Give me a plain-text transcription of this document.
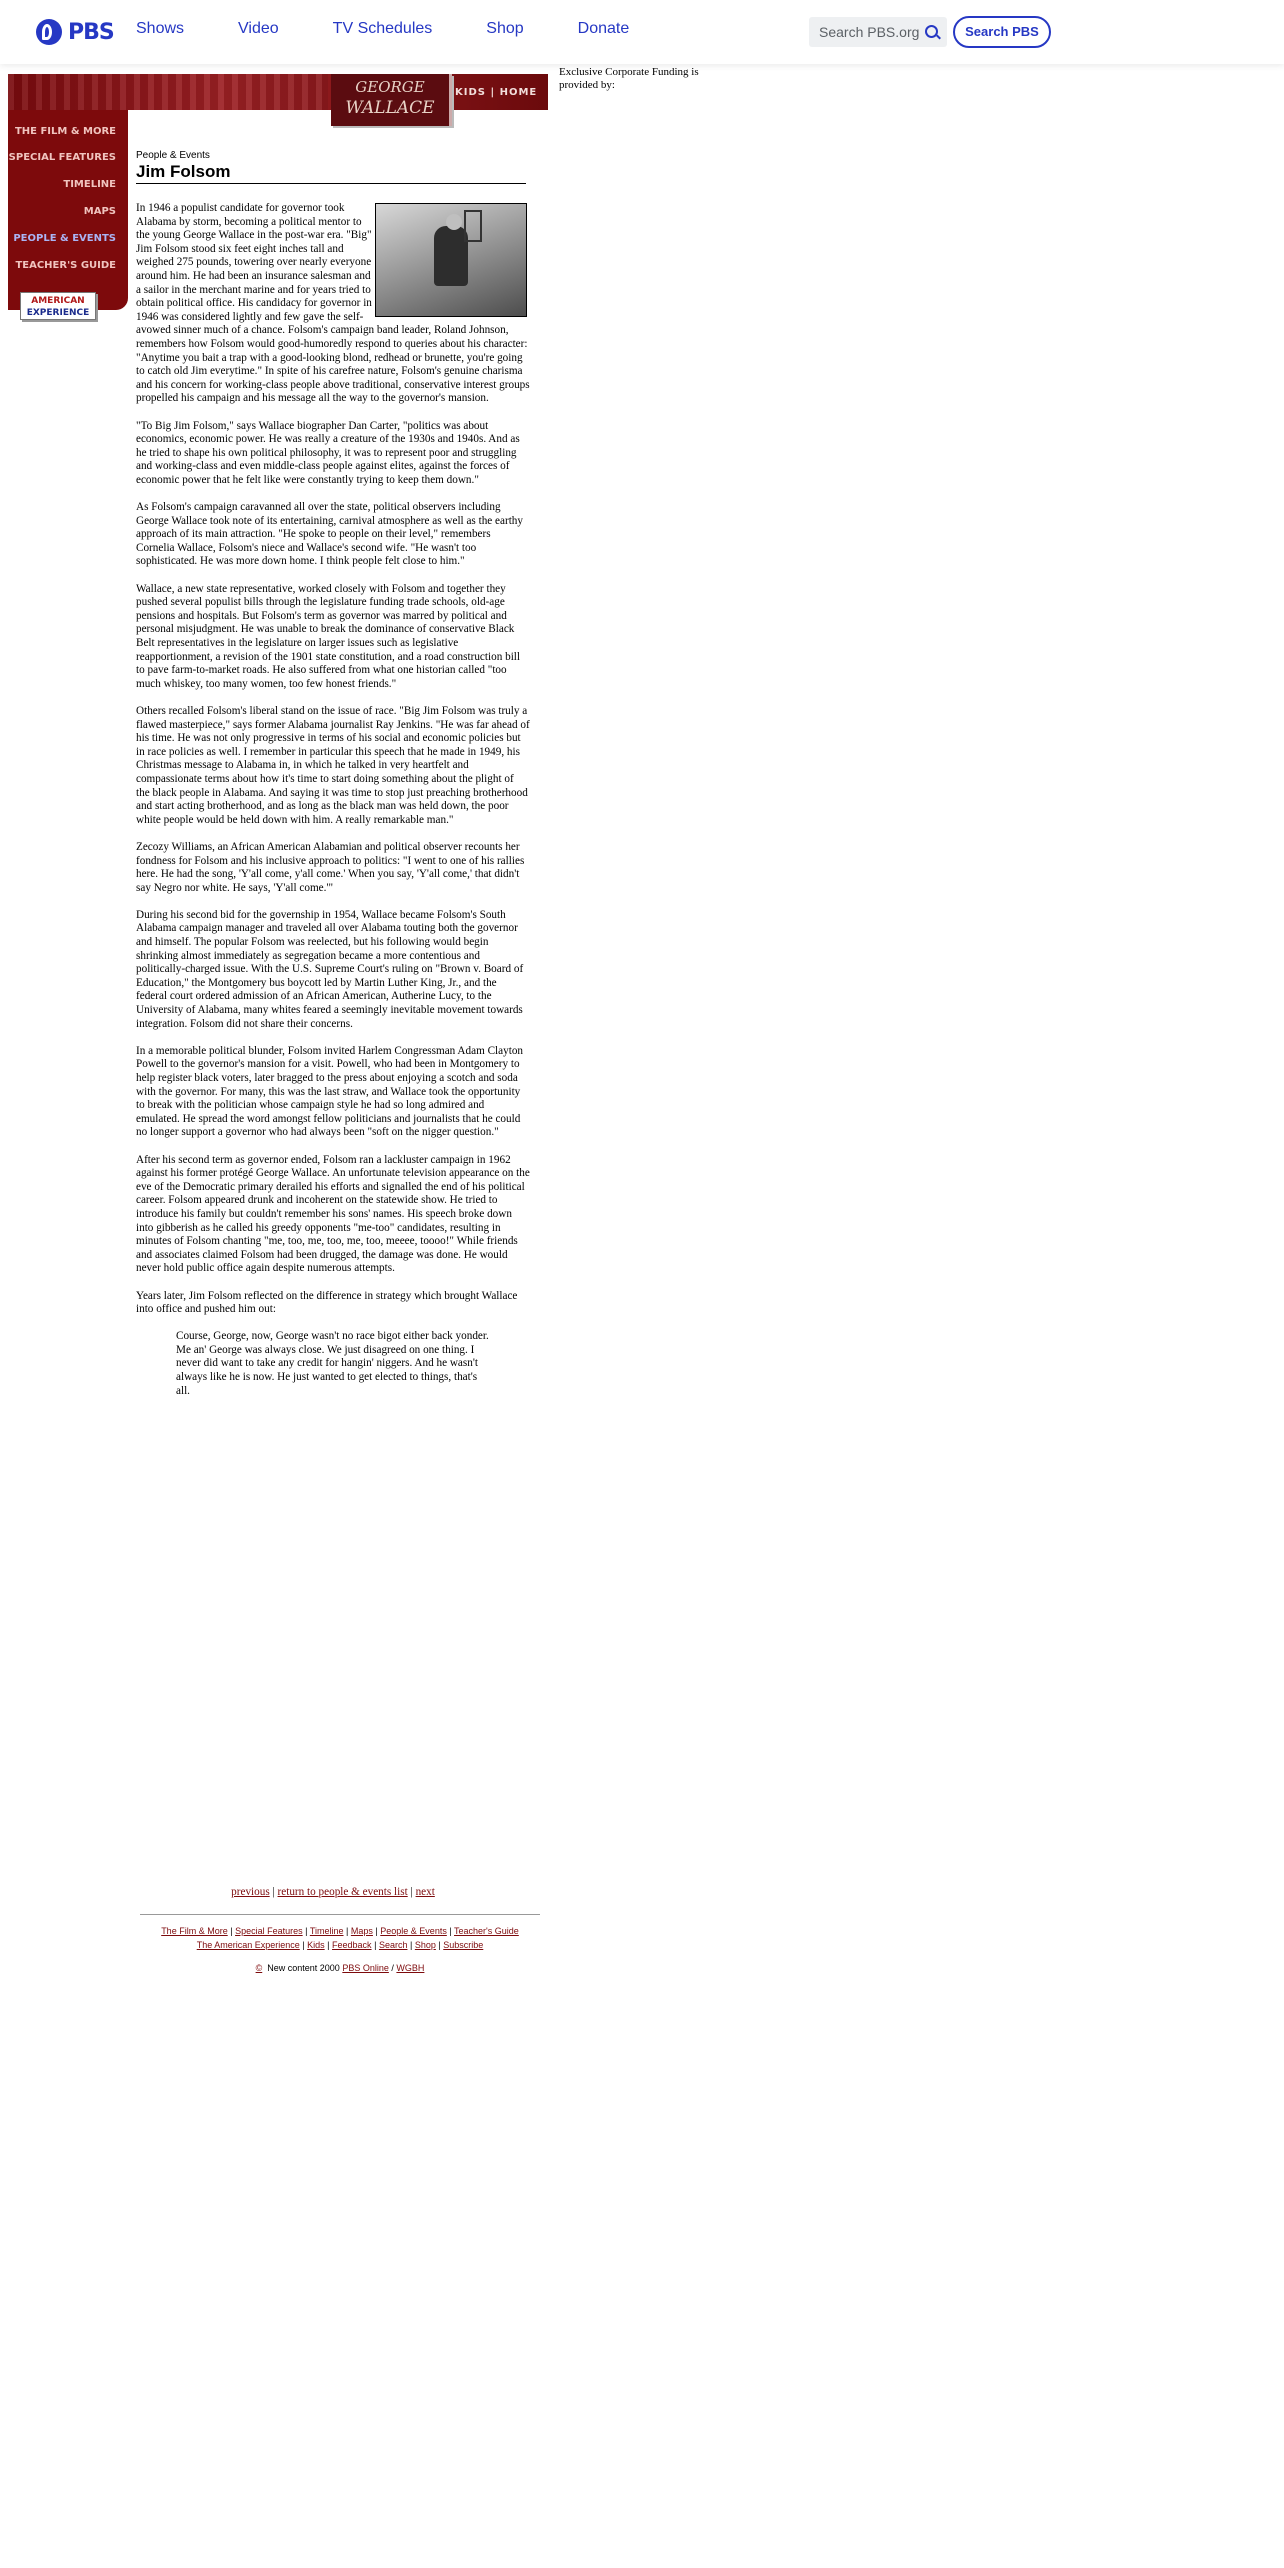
PBS Shows	Video	TV Schedules	Shop	Donate	Search PBS.org	Search PBS
GEORGE
WALLACE
KIDS | HOME
THE FILM & MORE
SPECIAL FEATURES
TIMELINE
MAPS
PEOPLE & EVENTS
TEACHER'S GUIDE
AMERICAN
EXPERIENCE
People & Events
Jim Folsom

In 1946 a populist candidate for governor took Alabama by storm, becoming a political mentor to the young George Wallace in the post-war era. "Big" Jim Folsom stood six feet eight inches tall and weighed 275 pounds, towering over nearly everyone around him. He had been an insurance salesman and a sailor in the merchant marine and for years tried to obtain political office. His candidacy for governor in 1946 was considered lightly and few gave the self-avowed sinner much of a chance. Folsom's campaign band leader, Roland Johnson, remembers how Folsom would good-humoredly respond to queries about his character: "Anytime you bait a trap with a good-looking blond, redhead or brunette, you're going to catch old Jim everytime." In spite of his carefree nature, Folsom's genuine charisma and his concern for working-class people above traditional, conservative interest groups propelled his campaign and his message all the way to the governor's mansion.

"To Big Jim Folsom," says Wallace biographer Dan Carter, "politics was about economics, economic power. He was really a creature of the 1930s and 1940s. And as he tried to shape his own political philosophy, it was to represent poor and struggling and working-class and even middle-class people against elites, against the forces of economic power that he felt like were constantly trying to keep them down."

As Folsom's campaign caravanned all over the state, political observers including George Wallace took note of its entertaining, carnival atmosphere as well as the earthy approach of its main attraction. "He spoke to people on their level," remembers Cornelia Wallace, Folsom's niece and Wallace's second wife. "He wasn't too sophisticated. He was more down home. I think people felt close to him."

Wallace, a new state representative, worked closely with Folsom and together they pushed several populist bills through the legislature funding trade schools, old-age pensions and hospitals. But Folsom's term as governor was marred by political and personal misjudgment. He was unable to break the dominance of conservative Black Belt representatives in the legislature on larger issues such as legislative reapportionment, a revision of the 1901 state constitution, and a road construction bill to pave farm-to-market roads. He also suffered from what one historian called "too much whiskey, too many women, too few honest friends."

Others recalled Folsom's liberal stand on the issue of race. "Big Jim Folsom was truly a flawed masterpiece," says former Alabama journalist Ray Jenkins. "He was far ahead of his time. He was not only progressive in terms of his social and economic policies but in race policies as well. I remember in particular this speech that he made in 1949, his Christmas message to Alabama in, in which he talked in very heartfelt and compassionate terms about how it's time to start doing something about the plight of the black people in Alabama. And saying it was time to stop just preaching brotherhood and start acting brotherhood, and as long as the black man was held down, the poor white people would be held down with him. A really remarkable man."

Zecozy Williams, an African American Alabamian and political observer recounts her fondness for Folsom and his inclusive approach to politics: "I went to one of his rallies here. He had the song, 'Y'all come, y'all come.' When you say, 'Y'all come,' that didn't say Negro nor white. He says, 'Y'all come.'"

During his second bid for the governship in 1954, Wallace became Folsom's South Alabama campaign manager and traveled all over Alabama touting both the governor and himself. The popular Folsom was reelected, but his following would begin shrinking almost immediately as segregation became a more contentious and politically-charged issue. With the U.S. Supreme Court's ruling on "Brown v. Board of Education," the Montgomery bus boycott led by Martin Luther King, Jr., and the federal court ordered admission of an African American, Autherine Lucy, to the University of Alabama, many whites feared a seemingly inevitable movement towards integration. Folsom did not share their concerns.

In a memorable political blunder, Folsom invited Harlem Congressman Adam Clayton Powell to the governor's mansion for a visit. Powell, who had been in Montgomery to help register black voters, later bragged to the press about enjoying a scotch and soda with the governor. For many, this was the last straw, and Wallace took the opportunity to break with the politician whose campaign style he had so long admired and emulated. He spread the word amongst fellow politicians and journalists that he could no longer support a governor who had always been "soft on the nigger question."

After his second term as governor ended, Folsom ran a lackluster campaign in 1962 against his former protégé George Wallace. An unfortunate television appearance on the eve of the Democratic primary derailed his efforts and signalled the end of his political career. Folsom appeared drunk and incoherent on the statewide show. He tried to introduce his family but couldn't remember his sons' names. His speech broke down into gibberish as he called his greedy opponents "me-too" candidates, resulting in minutes of Folsom chanting "me, too, me, too, me, too, meeee, toooo!" While friends and associates claimed Folsom had been drugged, the damage was done. He would never hold public office again despite numerous attempts.

Years later, Jim Folsom reflected on the difference in strategy which brought Wallace into office and pushed him out:

Course, George, now, George wasn't no race bigot either back yonder. Me an' George was always close. We just disagreed on one thing. I never did want to take any credit for hangin' niggers. And he wasn't always like he is now. He just wanted to get elected to things, that's all.

previous | return to people & events list | next
The Film & More | Special Features | Timeline | Maps | People & Events | Teacher's Guide
The American Experience | Kids | Feedback | Search | Shop | Subscribe
© New content 2000 PBS Online / WGBH
Exclusive Corporate Funding is provided by:
